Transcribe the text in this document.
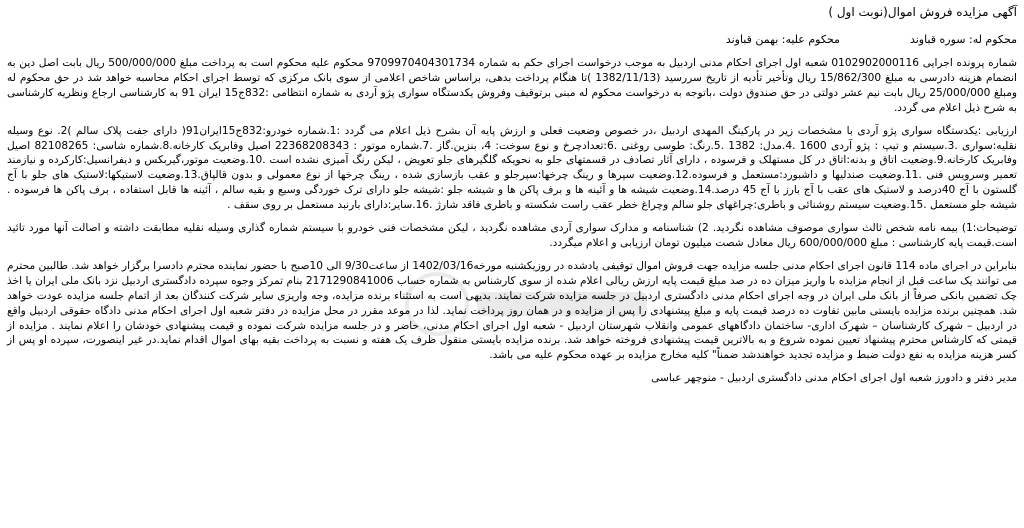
آگهی مزایده فروش اموال(نوبت اول )
محکوم له: سوره قباوند
محکوم علیه: بهمن قباوند
شماره پرونده اجرایی 0102902000116 شعبه اول اجرای احکام مدنی اردبیل به موجب درخواست اجرای حکم به شماره 9709970404301734 محکوم علیه محکوم است به پرداخت مبلغ 500/000/000 ریال بابت اصل دین به انضمام هزینه دادرسی به مبلغ 15/862/300 ریال وتأخیر تأدیه از تاریخ سررسید (1382/11/13 )تا هنگام پرداخت بدهی، براساس شاخص اعلامی از سوی بانک مرکزی که توسط اجرای احکام محاسبه خواهد شد در حق محکوم له ومبلغ 25/000/000 ریال بابت نیم عشر دولتی در حق صندوق دولت ،باتوجه به درخواست محکوم له مبنی برتوقیف وفروش یکدستگاه سواری پژو آردی به شماره انتظامی :832ج15 ایران 91 به کارشناسی ارجاع ونظریه کارشناسی به شرح ذیل اعلام می گردد.
ارزیابی :یکدستگاه سواری پژو آردی با مشخصات زیر در پارکینگ المهدی اردبیل ،در خصوص وضعیت فعلی و ارزش پایه آن بشرح ذیل اعلام می گردد :1.شماره خودرو:832ج15ایران91( دارای جفت پلاک سالم )2. نوع وسیله نقلیه:سواری .3.سیستم و تیپ : پژو آردی 1600 .4.مدل: 1382 .5.رنگ: طوسی روغنی .6:تعدادچرخ و نوع سوخت: 4، بنزین.گاز .7.شماره موتور : 22368208343 اصیل وفابریک کارخانه.8.شماره شاسی: 82108265 اصیل وفابریک کارخانه.9.وضعیت اتاق و بدنه:اتاق در کل مستهلک و فرسوده ، دارای آثار تصادف در قسمتهای جلو به نحویکه گلگیرهای جلو تعویض ، لیکن رنگ آمیزی نشده است .10.وضعیت موتور،گیربکس و دیفرانسیل:کارکرده و نیازمند تعمیر وسرویس فنی .11.وضعیت صندلیها و داشبورد:مستعمل و فرسوده.12.وضعیت سپرها و رینگ چرخها:سپرجلو و عقب بازسازی شده ، رینگ چرخها از نوع معمولی و بدون قالپاق.13.وضعیت لاستیکها:لاستیک های جلو با آج گلستون با آج 40درصد و لاستیک های عقب با آج بارز با آج 45 درصد.14.وضعیت شیشه ها و آئینه ها و برف پاکن ها و شیشه جلو :شیشه جلو دارای ترک خوردگی وسیع و بقیه سالم ، آئینه ها قابل استفاده ، برف پاکن ها فرسوده . شیشه جلو مستعمل .15.وضعیت سیستم روشنائی و باطری:چراغهای جلو سالم وچراغ خطر عقب راست شکسته و باطری فاقد شارژ .16.سایر:دارای بارنبد مستعمل بر روی سقف .
توضیحات:1) بیمه نامه شخص ثالث سواری موصوف مشاهده نگردید. 2) شناسنامه و مدارک سواری آردی مشاهده نگردید ، لیکن مشخصات فنی خودرو با سیستم شماره گذاری وسیله نقلیه مطابقت داشته و اصالت آنها مورد تائید است.قیمت پایه کارشناسی : مبلغ 600/000/000 ریال معادل شصت میلیون تومان ارزیابی و اعلام میگردد.
بنابراین در اجرای ماده 114 قانون اجرای احکام مدنی جلسه مزایده جهت فروش اموال توقیفی یادشده در روزیکشنبه مورخه1402/03/16 از ساعت9/30 الی 10صبح با حضور نماینده محترم دادسرا برگزار خواهد شد. طالبین محترم می توانند یک ساعت قبل از انجام مزایده با واریز میزان ده در صد مبلغ قیمت پایه ارزش ریالی اعلام شده از سوی کارشناس به شماره حساب 2171290841006 بنام تمرکز وجوه سپرده دادگستری اردبیل نزد بانک ملی ایران یا اخذ چک تضمین بانکی صرفاً از بانک ملی ایران در وجه اجرای احکام مدنی دادگستری اردبیل در جلسه مزایده شرکت نمایند. بدیهی است به استثناء برنده مزایده، وجه واریزی سایر شرکت کنندگان بعد از اتمام جلسه مزایده عودت خواهد شد. همچنین برنده مزایده بایستی مابین تفاوت ده درصد قیمت پایه و مبلغ پیشنهادی را پس از مزایده و در همان روز پرداخت نماید. لذا در موعد مقرر در محل مزایده در دفتر شعبه اول اجرای احکام مدنی دادگاه حقوقی اردبیل واقع در اردبیل – شهرک کارشناسان – شهرک اداری- ساختمان دادگاههای عمومی وانقلاب شهرستان اردبیل - شعبه اول اجرای احکام مدنی، حاضر و در جلسه مزایده شرکت نموده و قیمت پیشنهادی خودشان را اعلام نمایند . مزایده از قیمتی که کارشناس محترم پیشنهاد تعیین نموده شروع و به بالاترین قیمت پیشنهادی فروخته خواهد شد. برنده مزایده بایستی منقول ظرف یک هفته و نسبت به پرداخت بقیه بهای اموال اقدام نماید.در غیر اینصورت، سپرده او پس از کسر هزینه مزایده به نفع دولت ضبط و مزایده تجدید خواهندشد ضمناً" کلیه مخارج مزایده بر عهده محکوم علیه می باشد.
مدیر دفتر و دادورز شعبه اول اجرای احکام مدنی دادگستری اردبیل - منوچهر عباسی
